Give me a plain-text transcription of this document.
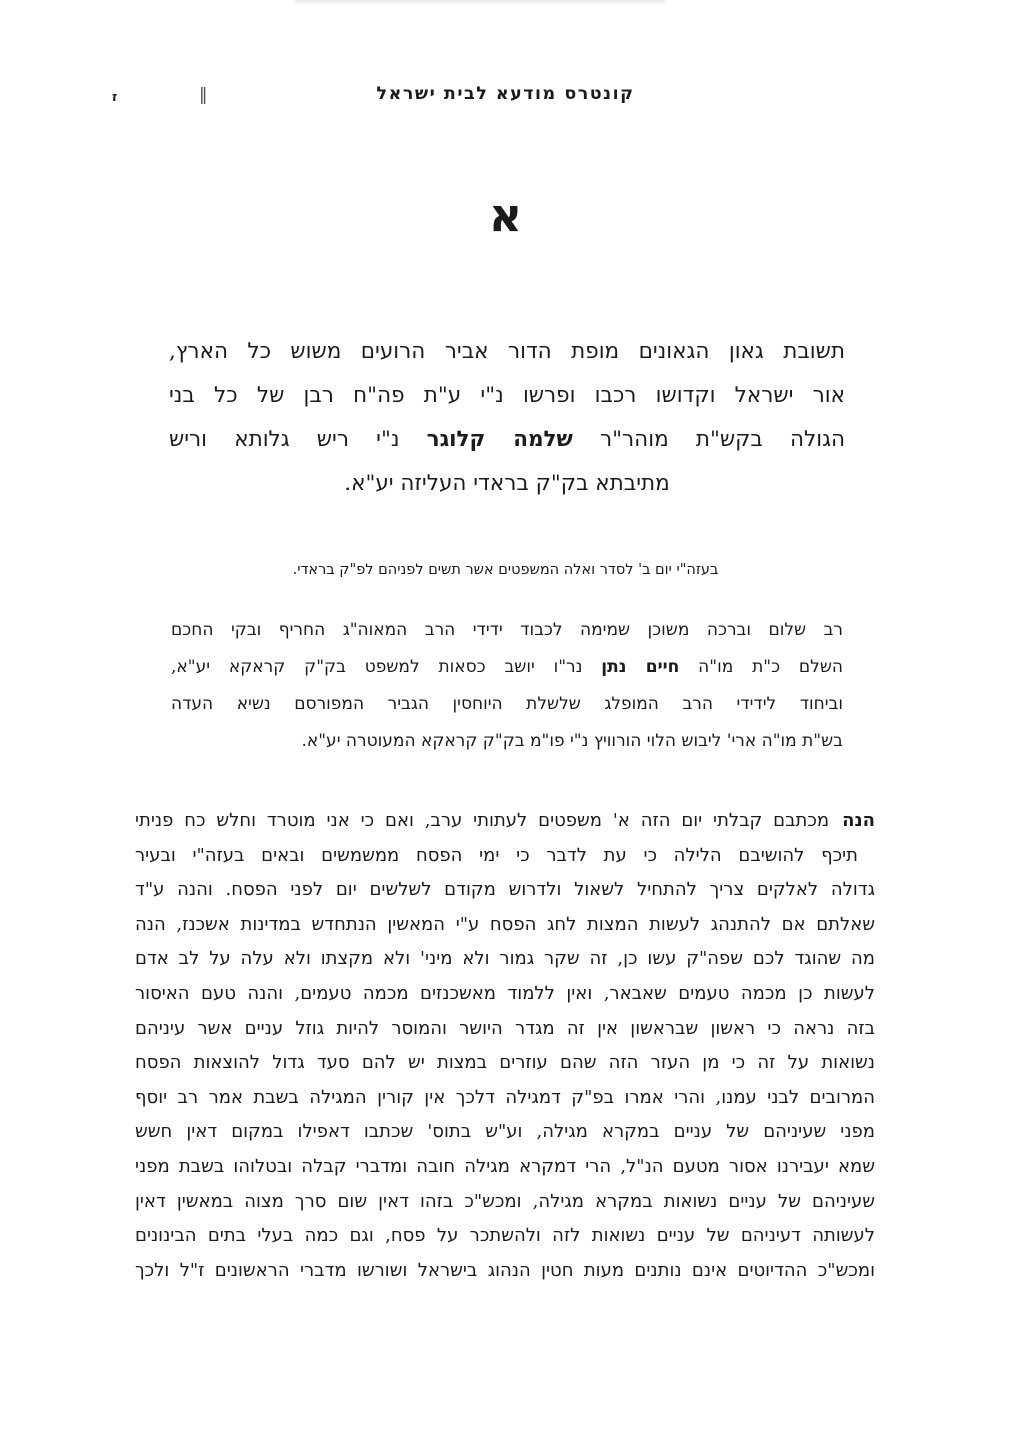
ז	‖	קונטרס מודעא לבית ישראל
א
תשובת גאון הגאונים מופת הדור אביר הרועים משוש כל הארץ,
אור ישראל וקדושו רכבו ופרשו נ"י ע"ת פה"ח רבן של כל בני
הגולה בקש"ת מוהר"ר שלמה קלוגר נ"י ריש גלותא וריש
מתיבתא בק"ק בראדי העליזה יע"א.
בעזה"י יום ב' לסדר ואלה המשפטים אשר תשים לפניהם לפ"ק בראדי.
רב שלום וברכה משוכן שמימה לכבוד ידידי הרב המאוה"ג החריף ובקי החכם
השלם כ"ת מו"ה חיים נתן נר"ו יושב כסאות למשפט בק"ק קראקא יע"א,
וביחוד לידידי הרב המופלג שלשלת היוחסין הגביר המפורסם נשיא העדה
בש"ת מו"ה ארי' ליבוש הלוי הורוויץ נ"י פו"מ בק"ק קראקא המעוטרה יע"א.
הנהמכתבם קבלתי יום הזה א' משפטים לעתותי ערב, ואם כי אני מוטרד וחלש כח פניתי
תיכף להושיבם הלילה כי עת לדבר כי ימי הפסח ממשמשים ובאים בעזה"י ובעיר
גדולה לאלקים צריך להתחיל לשאול ולדרוש מקודם לשלשים יום לפני הפסח. והנה ע"ד
שאלתם אם להתנהג לעשות המצות לחג הפסח ע"י המאשין הנתחדש במדינות אשכנז, הנה
מה שהוגד לכם שפה"ק עשו כן, זה שקר גמור ולא מיני' ולא מקצתו ולא עלה על לב אדם
לעשות כן מכמה טעמים שאבאר, ואין ללמוד מאשכנזים מכמה טעמים, והנה טעם האיסור
בזה נראה כי ראשון שבראשון אין זה מגדר היושר והמוסר להיות גוזל עניים אשר עיניהם
נשואות על זה כי מן העזר הזה שהם עוזרים במצות יש להם סעד גדול להוצאות הפסח
המרובים לבני עמנו, והרי אמרו בפ"ק דמגילה דלכך אין קורין המגילה בשבת אמר רב יוסף
מפני שעיניהם של עניים במקרא מגילה, וע"ש בתוס' שכתבו דאפילו במקום דאין חשש
שמא יעבירנו אסור מטעם הנ"ל, הרי דמקרא מגילה חובה ומדברי קבלה ובטלוהו בשבת מפני
שעיניהם של עניים נשואות במקרא מגילה, ומכש"כ בזהו דאין שום סרך מצוה במאשין דאין
לעשותה דעיניהם של עניים נשואות לזה ולהשתכר על פסח, וגם כמה בעלי בתים הבינונים
ומכש"כ ההדיוטים אינם נותנים מעות חטין הנהוג בישראל ושורשו מדברי הראשונים ז"ל ולכך
